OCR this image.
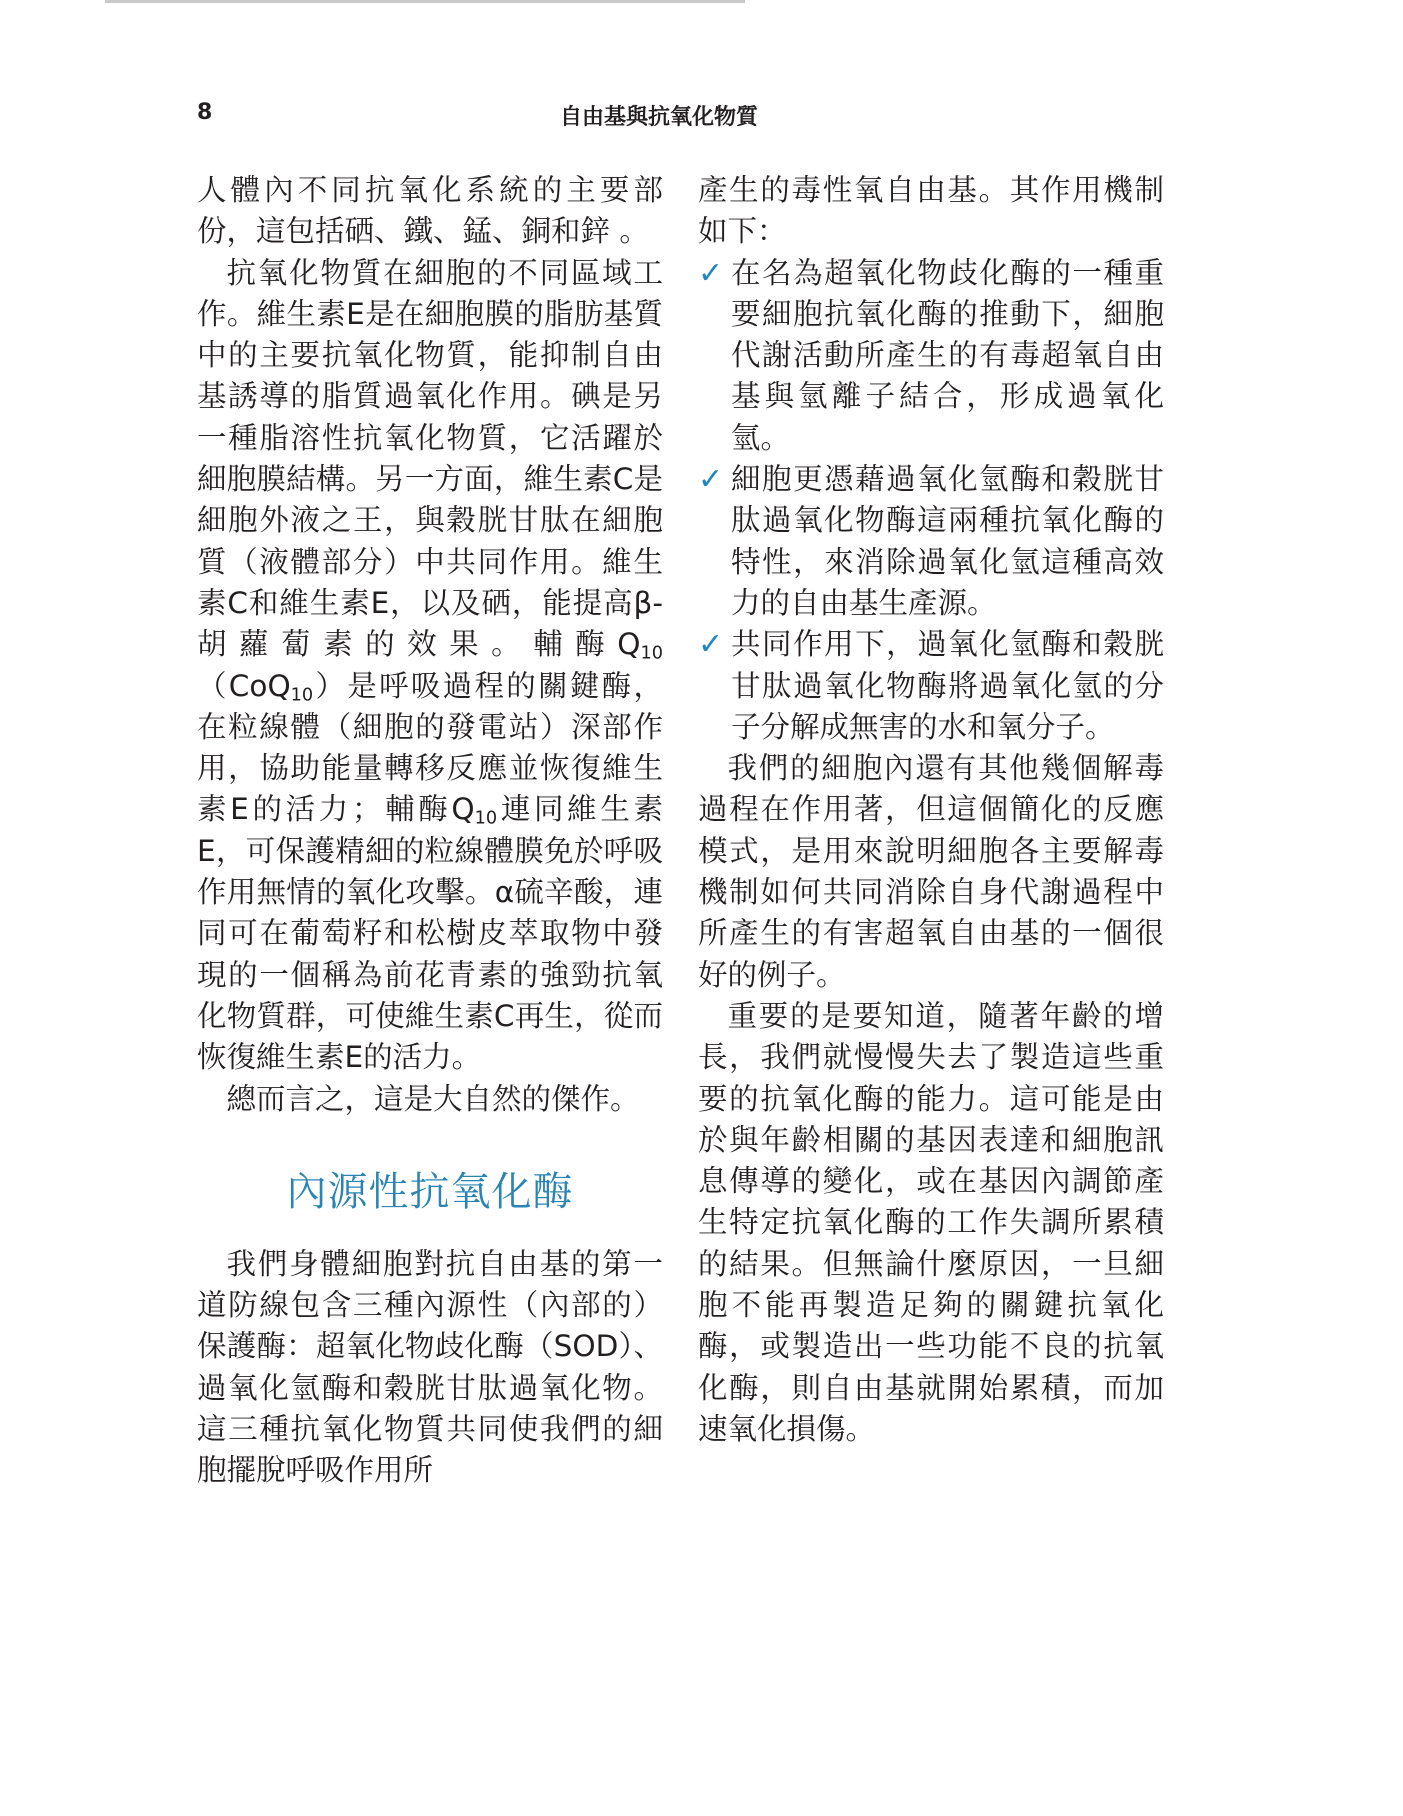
8	自由基與抗氧化物質

人體內不同抗氧化系統的主要部份，這包括硒、鐵、錳、銅和鋅 。

抗氧化物質在細胞的不同區域工作。維生素E是在細胞膜的脂肪基質中的主要抗氧化物質，能抑制自由基誘導的脂質過氧化作用。碘是另一種脂溶性抗氧化物質，它活躍於細胞膜結構。另一方面，維生素C是細胞外液之王，與穀胱甘肽在細胞質（液體部分）中共同作用。維生素C和維生素E，以及硒，能提高β-胡蘿蔔素的效果。輔酶$Q_{10}(CoQ_{10})$是呼吸過程的關鍵酶，在粒線體（細胞的發電站）深部作用，協助能量轉移反應並恢復維生素E的活力；輔酶$Q_{10}$連同維生素E，可保護精細的粒線體膜免於呼吸作用無情的氧化攻擊。α硫辛酸，連同可在葡萄籽和松樹皮萃取物中發現的一個稱為前花青素的強勁抗氧化物質群，可使維生素C再生，從而恢復維生素E的活力。

總而言之，這是大自然的傑作。

內源性抗氧化酶

我們身體細胞對抗自由基的第一道防線包含三種內源性（內部的）保護酶：超氧化物歧化酶（SOD）、過氧化氫酶和穀胱甘肽過氧化物。這三種抗氧化物質共同使我們的細胞擺脫呼吸作用所

產生的毒性氧自由基。其作用機制如下：

✓ 在名為超氧化物歧化酶的一種重要細胞抗氧化酶的推動下，細胞代謝活動所產生的有毒超氧自由基與氫離子結合，形成過氧化氫。
✓ 細胞更憑藉過氧化氫酶和穀胱甘肽過氧化物酶這兩種抗氧化酶的特性，來消除過氧化氫這種高效力的自由基生產源。
✓ 共同作用下，過氧化氫酶和穀胱甘肽過氧化物酶將過氧化氫的分子分解成無害的水和氧分子。

我們的細胞內還有其他幾個解毒過程在作用著，但這個簡化的反應模式，是用來說明細胞各主要解毒機制如何共同消除自身代謝過程中所產生的有害超氧自由基的一個很好的例子。

重要的是要知道，隨著年齡的增長，我們就慢慢失去了製造這些重要的抗氧化酶的能力。這可能是由於與年齡相關的基因表達和細胞訊息傳導的變化，或在基因內調節產生特定抗氧化酶的工作失調所累積的結果。但無論什麼原因，一旦細胞不能再製造足夠的關鍵抗氧化酶，或製造出一些功能不良的抗氧化酶，則自由基就開始累積，而加速氧化損傷。
